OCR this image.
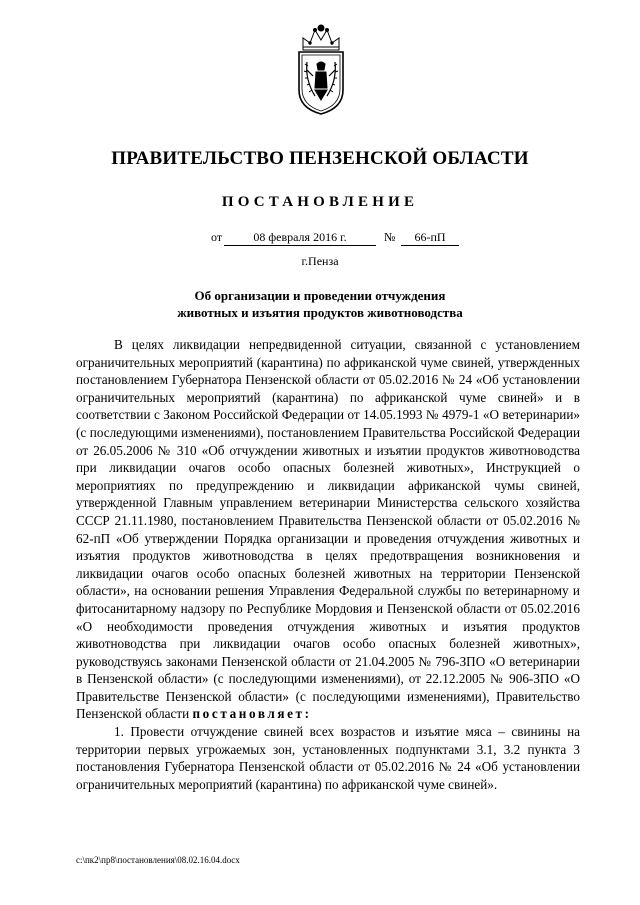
ПРАВИТЕЛЬСТВО ПЕНЗЕНСКОЙ ОБЛАСТИ
ПОСТАНОВЛЕНИЕ
от	08 февраля 2016 г.	№	66-пП
г.Пенза
Об организации и проведении отчуждения
животных и изъятия продуктов животноводства

В целях ликвидации непредвиденной ситуации, связанной с установлением ограничительных мероприятий (карантина) по африканской чуме свиней, утвержденных постановлением Губернатора Пензенской области от 05.02.2016 № 24 «Об установлении ограничительных мероприятий (карантина) по африканской чуме свиней» и в соответствии с Законом Российской Федерации от 14.05.1993 № 4979-1 «О ветеринарии» (с последующими изменениями), постановлением Правительства Российской Федерации от 26.05.2006 № 310 «Об отчуждении животных и изъятии продуктов животноводства при ликвидации очагов особо опасных болезней животных», Инструкцией о мероприятиях по предупреждению и ликвидации африканской чумы свиней, утвержденной Главным управлением ветеринарии Министерства сельского хозяйства СССР 21.11.1980, постановлением Правительства Пензенской области от 05.02.2016 № 62-пП «Об утверждении Порядка организации и проведения отчуждения животных и изъятия продуктов животноводства в целях предотвращения возникновения и ликвидации очагов особо опасных болезней животных на территории Пензенской области», на основании решения Управления Федеральной службы по ветеринарному и фитосанитарному надзору по Республике Мордовия и Пензенской области от 05.02.2016 «О необходимости проведения отчуждения животных и изъятия продуктов животноводства при ликвидации очагов особо опасных болезней животных», руководствуясь законами Пензенской области от 21.04.2005 № 796-ЗПО «О ветеринарии в Пензенской области» (с последующими изменениями), от 22.12.2005 № 906-ЗПО «О Правительстве Пензенской области» (с последующими изменениями), Правительство Пензенской области постановляет:

1. Провести отчуждение свиней всех возрастов и изъятие мяса – свинины на территории первых угрожаемых зон, установленных подпунктами 3.1, 3.2 пункта 3 постановления Губернатора Пензенской области от 05.02.2016 № 24 «Об установлении ограничительных мероприятий (карантина) по африканской чуме свиней».

c:\пк2\пр8\постановления\08.02.16.04.docx
